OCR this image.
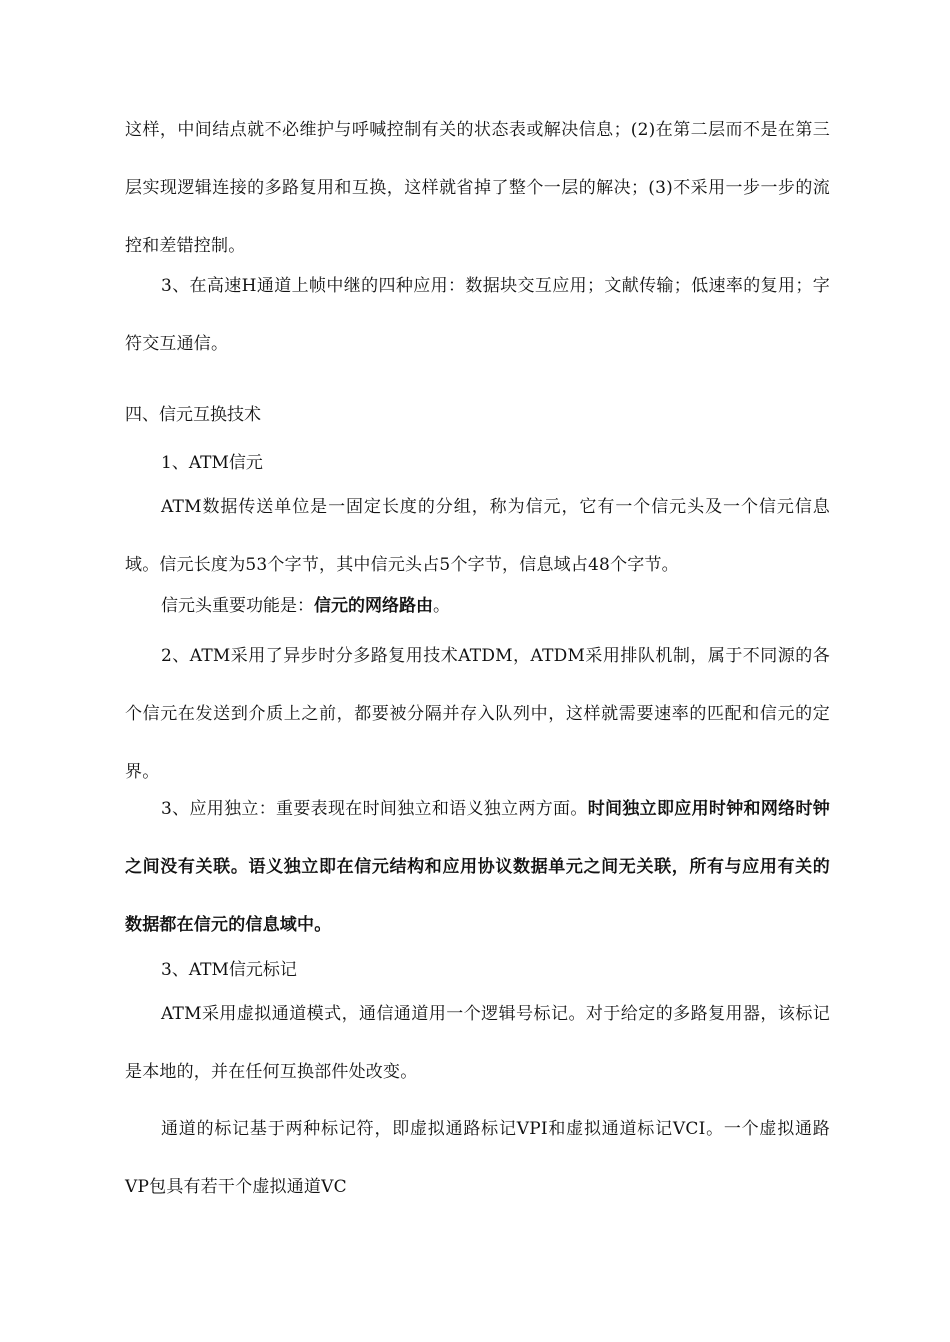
这样，中间结点就不必维护与呼喊控制有关的状态表或解决信息；(2)在第二层而不是在第三层实现逻辑连接的多路复用和互换，这样就省掉了整个一层的解决；(3)不采用一步一步的流控和差错控制。

3、在高速H通道上帧中继的四种应用：数据块交互应用；文献传输；低速率的复用；字符交互通信。

四、信元互换技术

1、ATM信元

ATM数据传送单位是一固定长度的分组，称为信元，它有一个信元头及一个信元信息域。信元长度为53个字节，其中信元头占5个字节，信息域占48个字节。

信元头重要功能是：信元的网络路由。

2、ATM采用了异步时分多路复用技术ATDM，ATDM采用排队机制，属于不同源的各个信元在发送到介质上之前，都要被分隔并存入队列中，这样就需要速率的匹配和信元的定界。

3、应用独立：重要表现在时间独立和语义独立两方面。时间独立即应用时钟和网络时钟之间没有关联。语义独立即在信元结构和应用协议数据单元之间无关联，所有与应用有关的数据都在信元的信息域中。

3、ATM信元标记

ATM采用虚拟通道模式，通信通道用一个逻辑号标记。对于给定的多路复用器，该标记是本地的，并在任何互换部件处改变。

通道的标记基于两种标记符，即虚拟通路标记VPI和虚拟通道标记VCI。一个虚拟通路VP包具有若干个虚拟通道VC
